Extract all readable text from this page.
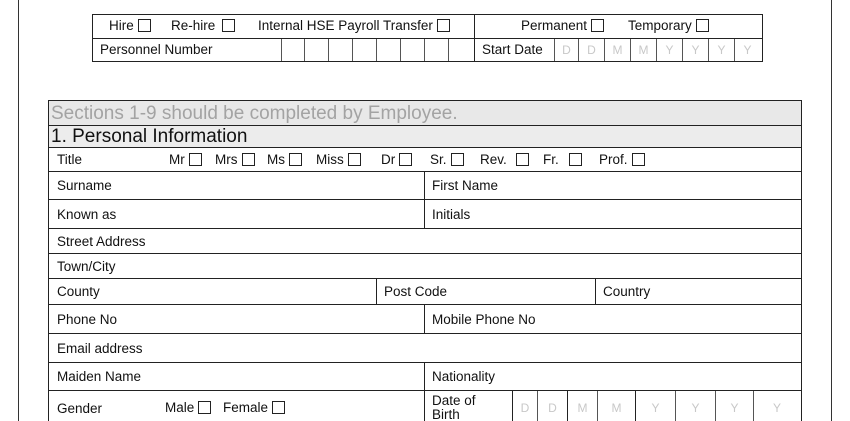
Hire	Re-hire	Internal HSE Payroll Transfer	Permanent	Temporary
Personnel Number	Start Date	D	D	M	M	Y	Y	Y	Y
Sections 1-9 should be completed by Employee.
1. Personal Information
Title	Mr Mrs Ms Miss	Dr	Sr. Rev.	Fr.	Prof.
Surname	First Name
Known as	Initials
Street Address
Town/City
County	Post Code	Country
Phone No	Mobile Phone No
Email address
Maiden Name	Nationality
Gender	Male Female	Date of Birth	D	D	M	M	Y	Y	Y	Y
